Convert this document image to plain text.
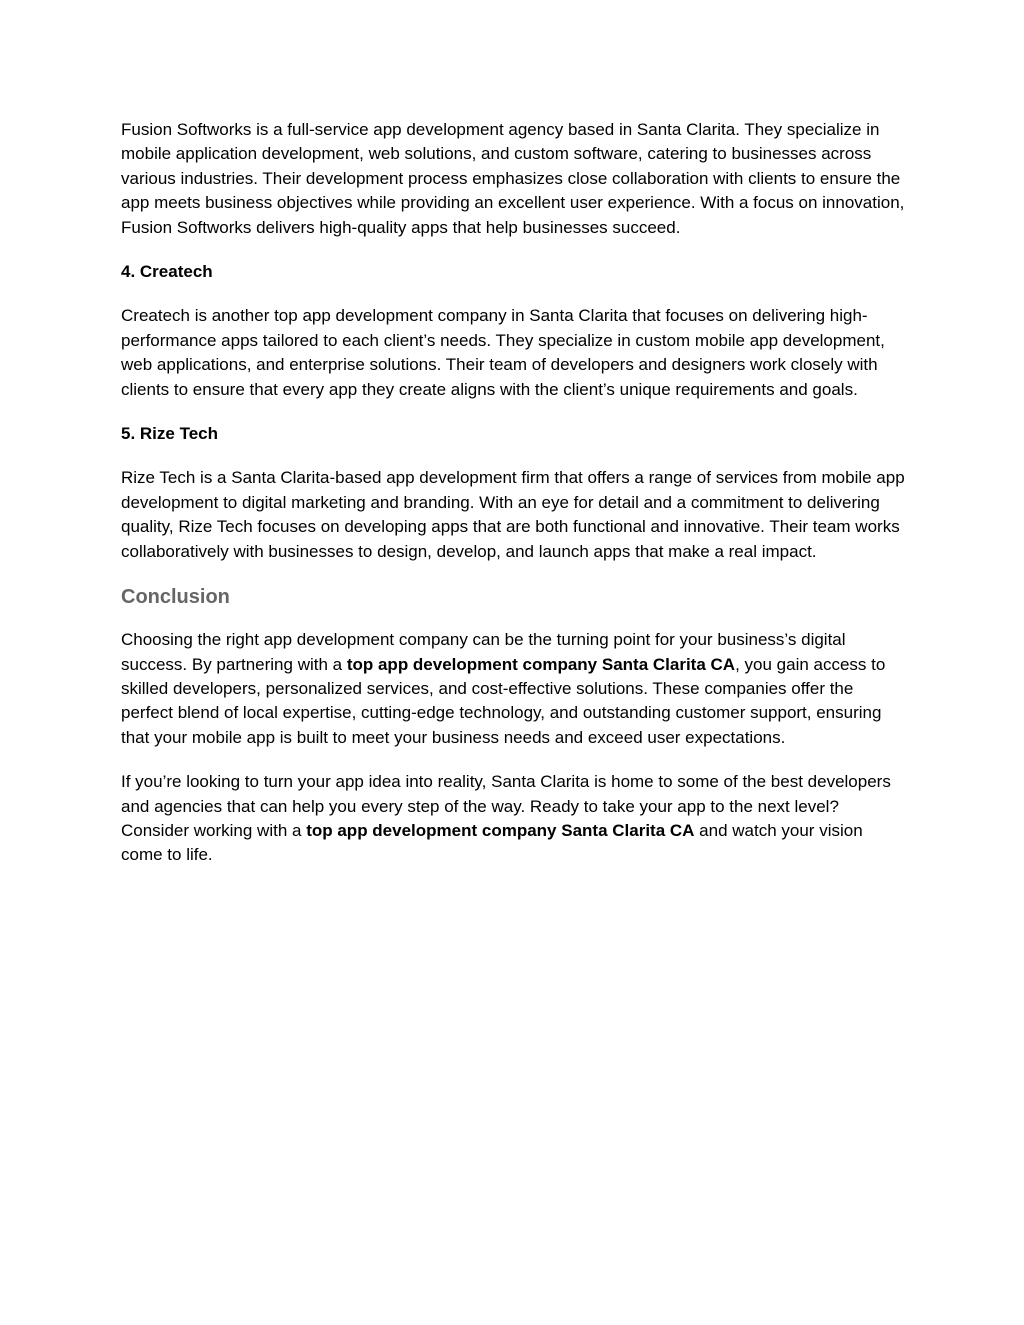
Fusion Softworks is a full-service app development agency based in Santa Clarita. They specialize in mobile application development, web solutions, and custom software, catering to businesses across various industries. Their development process emphasizes close collaboration with clients to ensure the app meets business objectives while providing an excellent user experience. With a focus on innovation, Fusion Softworks delivers high-quality apps that help businesses succeed.

4. Createch

Createch is another top app development company in Santa Clarita that focuses on delivering high-performance apps tailored to each client’s needs. They specialize in custom mobile app development, web applications, and enterprise solutions. Their team of developers and designers work closely with clients to ensure that every app they create aligns with the client’s unique requirements and goals.

5. Rize Tech

Rize Tech is a Santa Clarita-based app development firm that offers a range of services from mobile app development to digital marketing and branding. With an eye for detail and a commitment to delivering quality, Rize Tech focuses on developing apps that are both functional and innovative. Their team works collaboratively with businesses to design, develop, and launch apps that make a real impact.

Conclusion

Choosing the right app development company can be the turning point for your business’s digital success. By partnering with a top app development company Santa Clarita CA, you gain access to skilled developers, personalized services, and cost-effective solutions. These companies offer the perfect blend of local expertise, cutting-edge technology, and outstanding customer support, ensuring that your mobile app is built to meet your business needs and exceed user expectations.

If you’re looking to turn your app idea into reality, Santa Clarita is home to some of the best developers and agencies that can help you every step of the way. Ready to take your app to the next level? Consider working with a top app development company Santa Clarita CA and watch your vision come to life.
